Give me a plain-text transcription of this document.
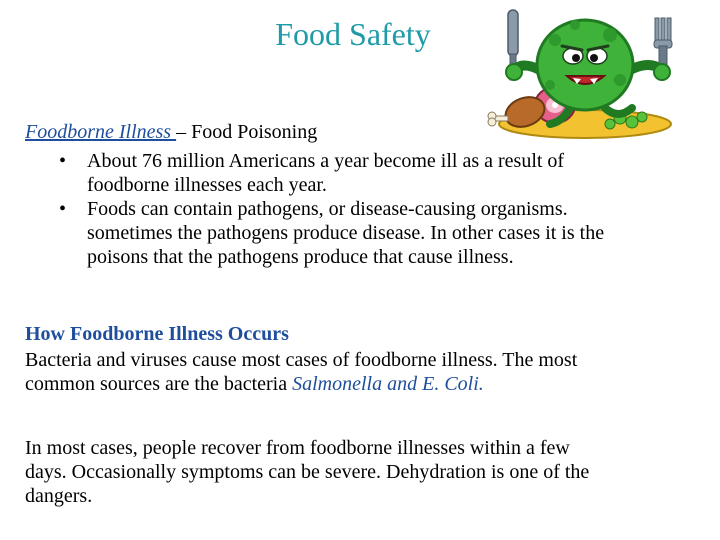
Food Safety
Foodborne Illness – Food Poisoning
• About 76 million Americans a year become ill as a result of
foodborne illnesses each year.
• Foods can contain pathogens, or disease-causing organisms.
sometimes the pathogens produce disease. In other cases it is the
poisons that the pathogens produce that cause illness.
How Foodborne Illness Occurs
Bacteria and viruses cause most cases of foodborne illness. The most
common sources are the bacteria Salmonella and E. Coli.
In most cases, people recover from foodborne illnesses within a few
days. Occasionally symptoms can be severe. Dehydration is one of the
dangers.
